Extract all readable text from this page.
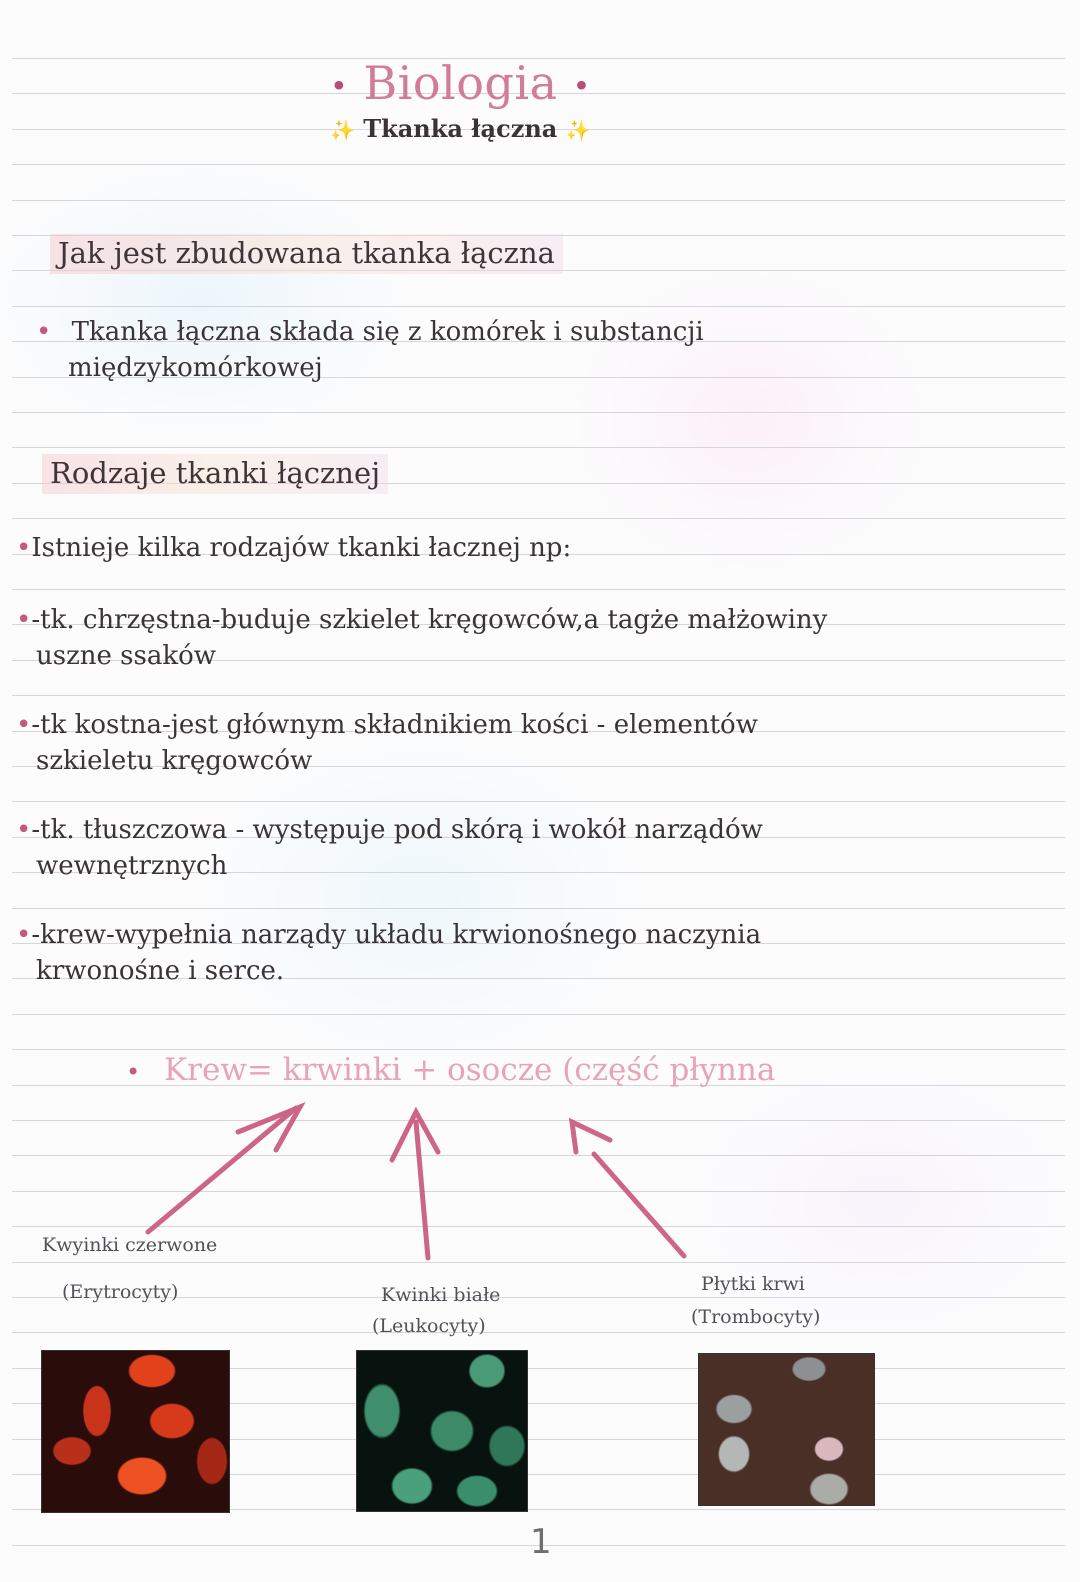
• Biologia •
✨ Tkanka łączna ✨
Jak jest zbudowana tkanka łączna
• Tkanka łączna składa się z komórek i substancji
międzykomórkowej
Rodzaje tkanki łącznej
•Istnieje kilka rodzajów tkanki łacznej np:
•-tk. chrzęstna-buduje szkielet kręgowców,a tagże małżowiny
uszne ssaków
•-tk kostna-jest głównym składnikiem kości - elementów
szkieletu kręgowców
•-tk. tłuszczowa - występuje pod skórą i wokół narządów
wewnętrznych
•-krew-wypełnia narządy układu krwionośnego naczynia
krwonośne i serce.
• Krew= krwinki + osocze (część płynna
Kwyinki czerwone
(Erytrocyty)	Kwinki białe
(Leukocyty)
Płytki krwi
(Trombocyty)
1
